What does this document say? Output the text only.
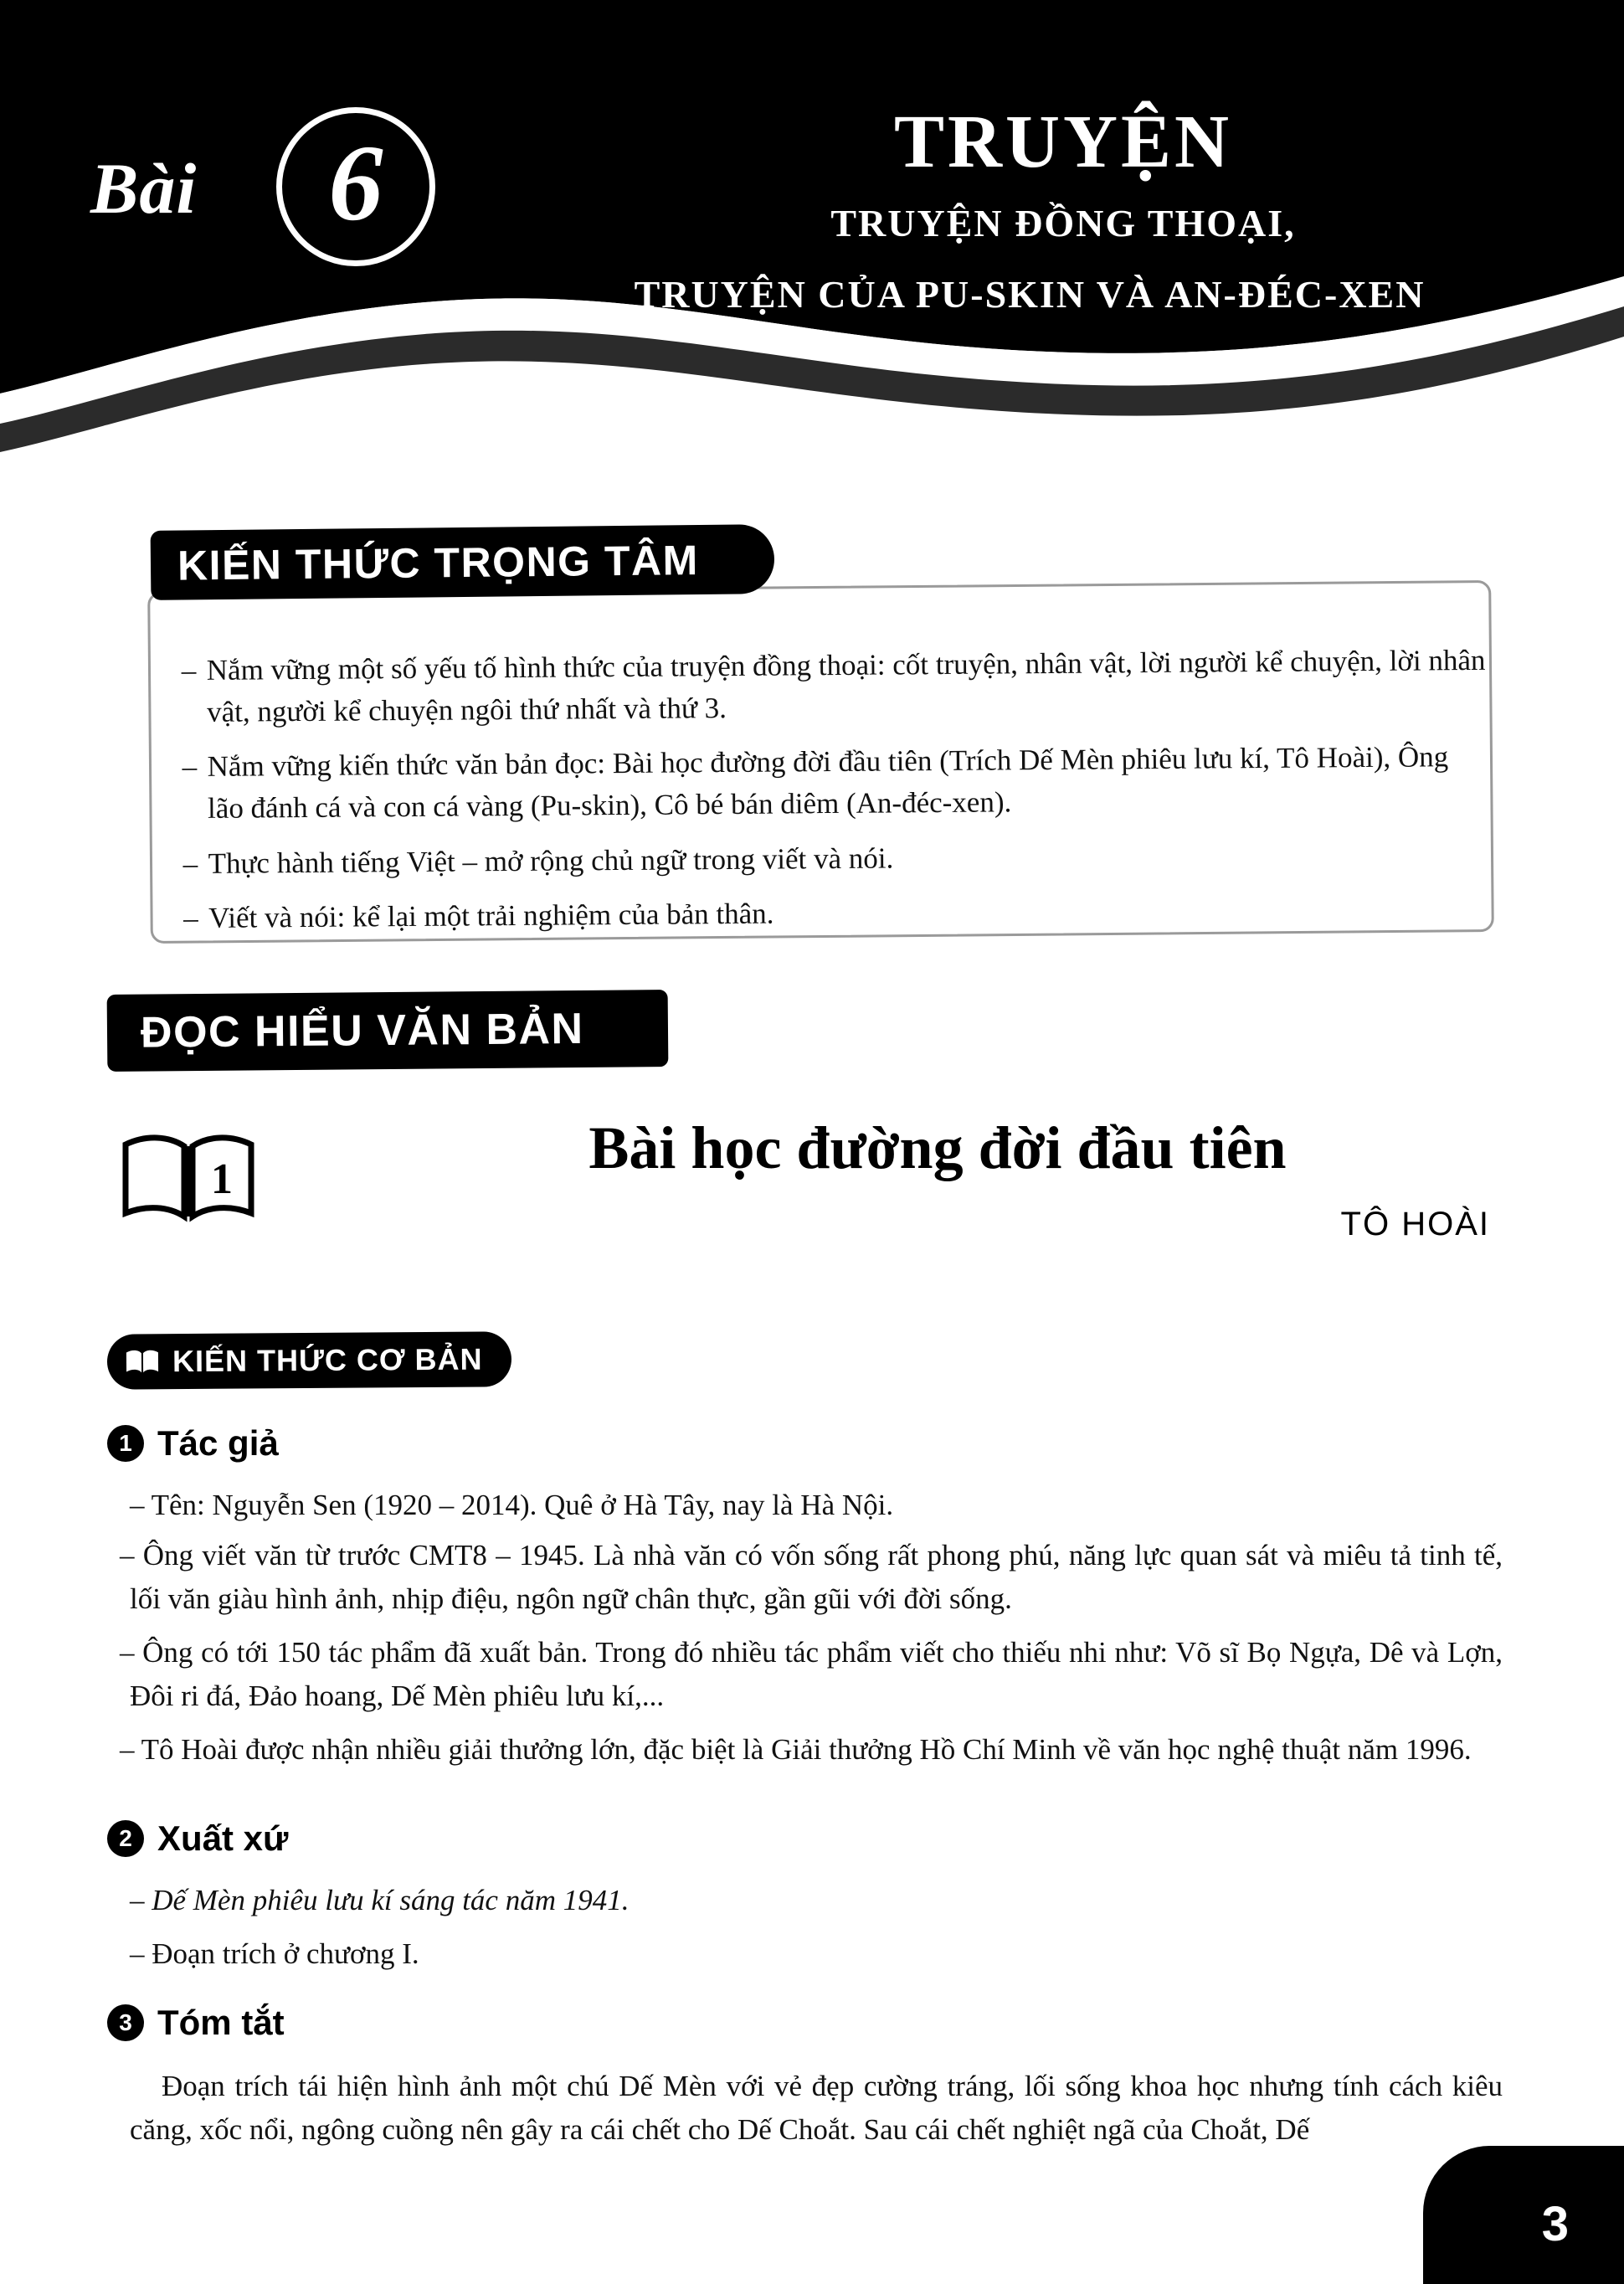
Bài	6	TRUYỆN
TRUYỆN ĐỒNG THOẠI,
TRUYỆN CỦA PU-SKIN VÀ AN-ĐÉC-XEN
KIẾN THỨC TRỌNG TÂM
– Nắm vững một số yếu tố hình thức của truyện đồng thoại: cốt truyện, nhân vật, lời người kể chuyện, lời nhân vật, người kể chuyện ngôi thứ nhất và thứ 3.
– Nắm vững kiến thức văn bản đọc: Bài học đường đời đầu tiên (Trích Dế Mèn phiêu lưu kí, Tô Hoài), Ông lão đánh cá và con cá vàng (Pu-skin), Cô bé bán diêm (An-đéc-xen).
– Thực hành tiếng Việt – mở rộng chủ ngữ trong viết và nói.
– Viết và nói: kể lại một trải nghiệm của bản thân.
ĐỌC HIỂU VĂN BẢN
1	Bài học đường đời đầu tiên
TÔ HOÀI
KIẾN THỨC CƠ BẢN
1 Tác giả
– Tên: Nguyễn Sen (1920 – 2014). Quê ở Hà Tây, nay là Hà Nội.
– Ông viết văn từ trước CMT8 – 1945. Là nhà văn có vốn sống rất phong phú, năng lực quan sát và miêu tả tinh tế, lối văn giàu hình ảnh, nhịp điệu, ngôn ngữ chân thực, gần gũi với đời sống.
– Ông có tới 150 tác phẩm đã xuất bản. Trong đó nhiều tác phẩm viết cho thiếu nhi như: Võ sĩ Bọ Ngựa, Dê và Lợn, Đôi ri đá, Đảo hoang, Dế Mèn phiêu lưu kí,...
– Tô Hoài được nhận nhiều giải thưởng lớn, đặc biệt là Giải thưởng Hồ Chí Minh về văn học nghệ thuật năm 1996.
2 Xuất xứ
– Dế Mèn phiêu lưu kí sáng tác năm 1941.
– Đoạn trích ở chương I.
3 Tóm tắt
Đoạn trích tái hiện hình ảnh một chú Dế Mèn với vẻ đẹp cường tráng, lối sống khoa học nhưng tính cách kiêu căng, xốc nổi, ngông cuồng nên gây ra cái chết cho Dế Choắt. Sau cái chết nghiệt ngã của Choắt, Dế
3
